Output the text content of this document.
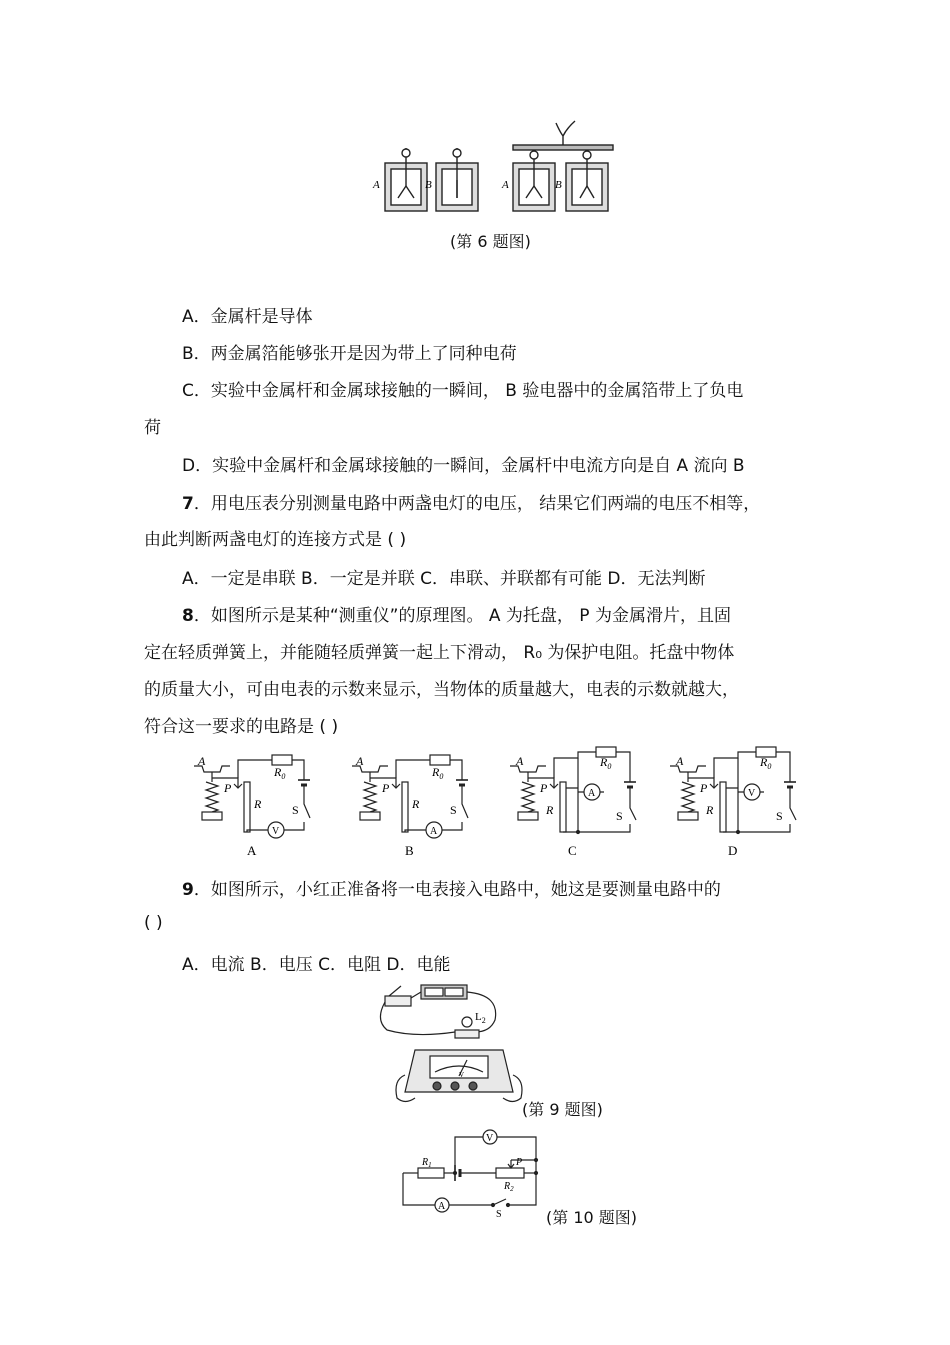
A	B	A	B
(第 6 题图)
A．金属杆是导体
B．两金属箔能够张开是因为带上了同种电荷
C．实验中金属杆和金属球接触的一瞬间， B 验电器中的金属箔带上了负电
荷
D．实验中金属杆和金属球接触的一瞬间，金属杆中电流方向是自 A 流向 B
7．用电压表分别测量电路中两盏电灯的电压， 结果它们两端的电压不相等，
由此判断两盏电灯的连接方式是 ( )
A．一定是串联 B．一定是并联 C．串联、并联都有可能 D．无法判断
8．如图所示是某种“测重仪”的原理图。 A 为托盘， P 为金属滑片，且固
定在轻质弹簧上，并能随轻质弹簧一起上下滑动， R₀ 为保护电阻。托盘中物体
的质量大小，可由电表的示数来显示，当物体的质量越大，电表的示数就越大，
符合这一要求的电路是 ( )
A
P
R
$R_0$
S
V
A
A
P
R
$R_0$
S
A
B
A
P
R
$R_0$
S
A
C
A
P
R
$R_0$
S
V
D
9．如图所示，小红正准备将一电表接入电路中，她这是要测量电路中的
( )
A．电流 B．电压 C．电阻 D．电能
$L_2$
V
(第 9 题图)
V
A
$R_1$
$R_2$
P
S	(第 10 题图)
